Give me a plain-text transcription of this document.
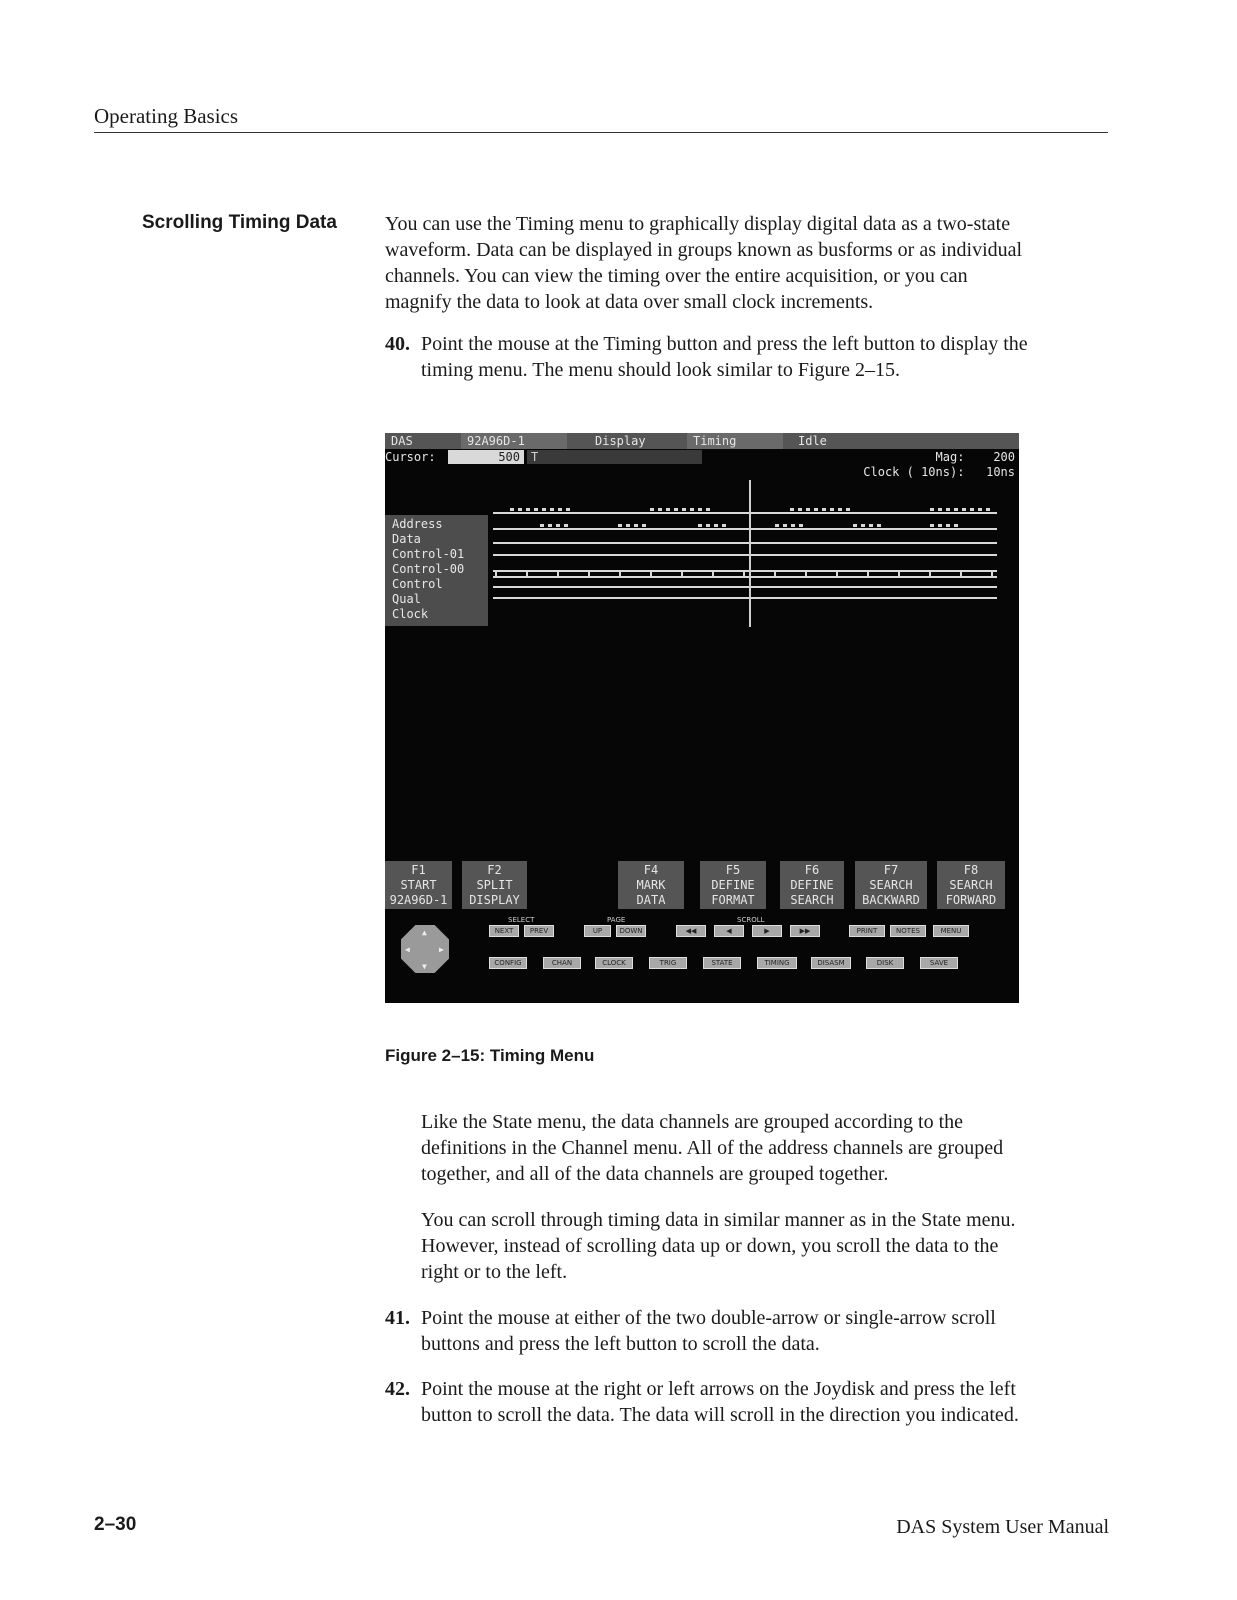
Operating Basics
Scrolling Timing Data You can use the Timing menu to graphically display digital data as a two-state
waveform. Data can be displayed in groups known as busforms or as individual
channels. You can view the timing over the entire acquisition, or you can
magnify the data to look at data over small clock increments.
40. Point the mouse at the Timing button and press the left button to display the
timing menu. The menu should look similar to Figure 2–15.
DAS	92A96D-1	Display	Timing	Idle
Cursor:	500 T	Mag:    200
Clock ( 10ns):   10ns
Address
Data
Control-01
Control-00
Control
Qual
Clock
F1
START
92A96D-1
F2
SPLIT
DISPLAY
F4
MARK
DATA
F5
DEFINE
FORMAT
F6
DEFINE
SEARCH
F7
SEARCH
BACKWARD
F8
SEARCH
FORWARD
▲
▼
◀	▶
SELECT	PAGE	SCROLL
NEXT	PREV	UP	DOWN	◀◀	◀	▶	▶▶	PRINT	NOTES	MENU
CONFIG	CHAN	CLOCK	TRIG	STATE	TIMING	DISASM	DISK	SAVE
Figure 2–15: Timing Menu
Like the State menu, the data channels are grouped according to the
definitions in the Channel menu. All of the address channels are grouped
together, and all of the data channels are grouped together.
You can scroll through timing data in similar manner as in the State menu.
However, instead of scrolling data up or down, you scroll the data to the
right or to the left.
41. Point the mouse at either of the two double-arrow or single-arrow scroll
buttons and press the left button to scroll the data.
42. Point the mouse at the right or left arrows on the Joydisk and press the left
button to scroll the data. The data will scroll in the direction you indicated.
2–30	DAS System User Manual
